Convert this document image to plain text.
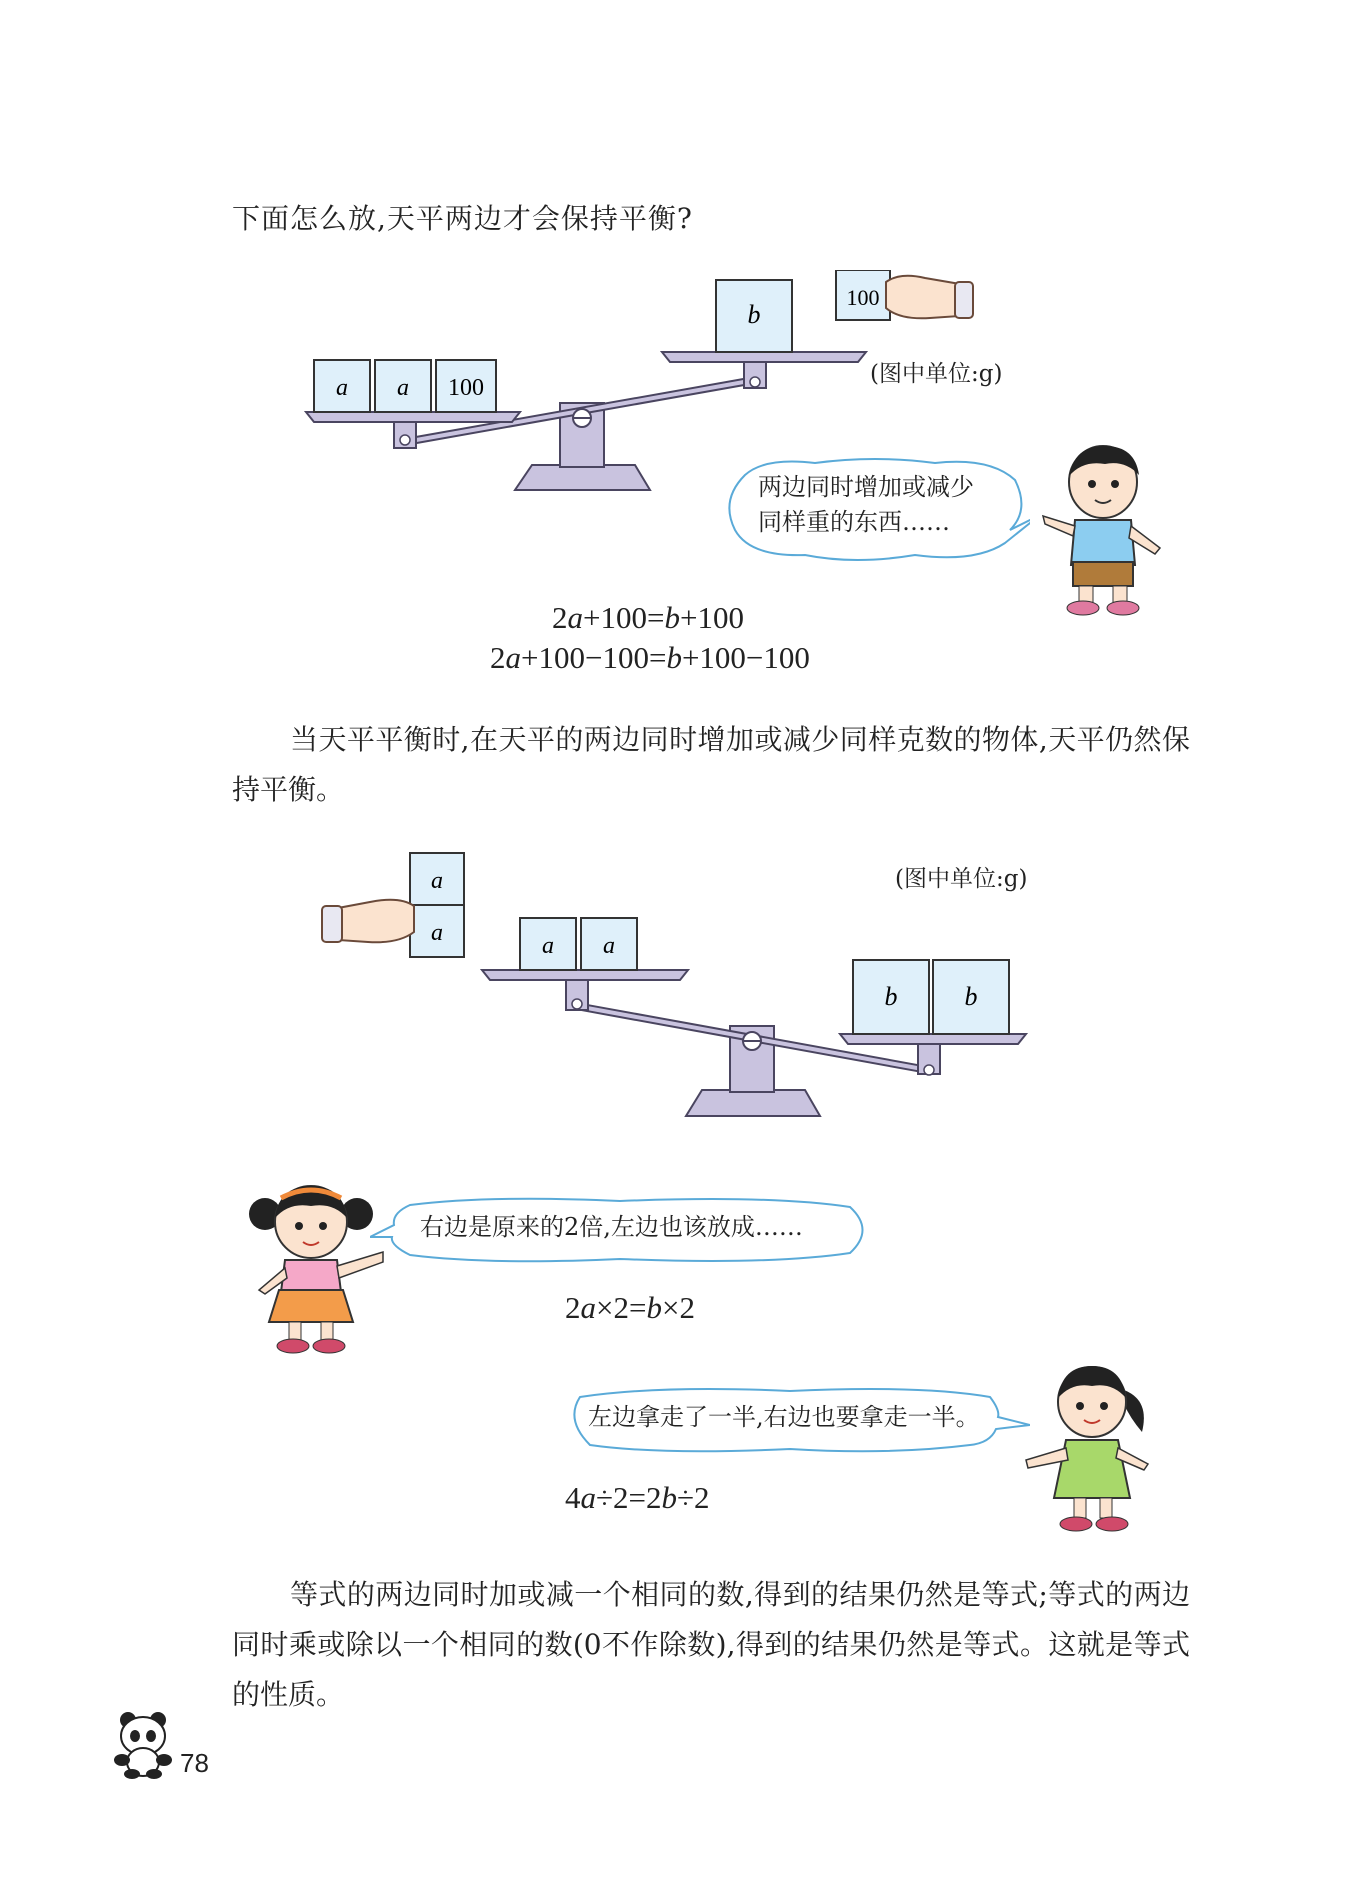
下面怎么放,天平两边才会保持平衡?
a a 100
b
100
(图中单位:g)
两边同时增加或减少
同样重的东西……
2a+100=b+100
2a+100−100=b+100−100
当天平平衡时,在天平的两边同时增加或减少同样克数的物体,天平仍然保持平衡。
(图中单位:g)
a
a	a a
b	b
右边是原来的2倍,左边也该放成……
2a×2=b×2
左边拿走了一半,右边也要拿走一半。
4a÷2=2b÷2
等式的两边同时加或减一个相同的数,得到的结果仍然是等式;等式的两边同时乘或除以一个相同的数(0不作除数),得到的结果仍然是等式。这就是等式的性质。
78
